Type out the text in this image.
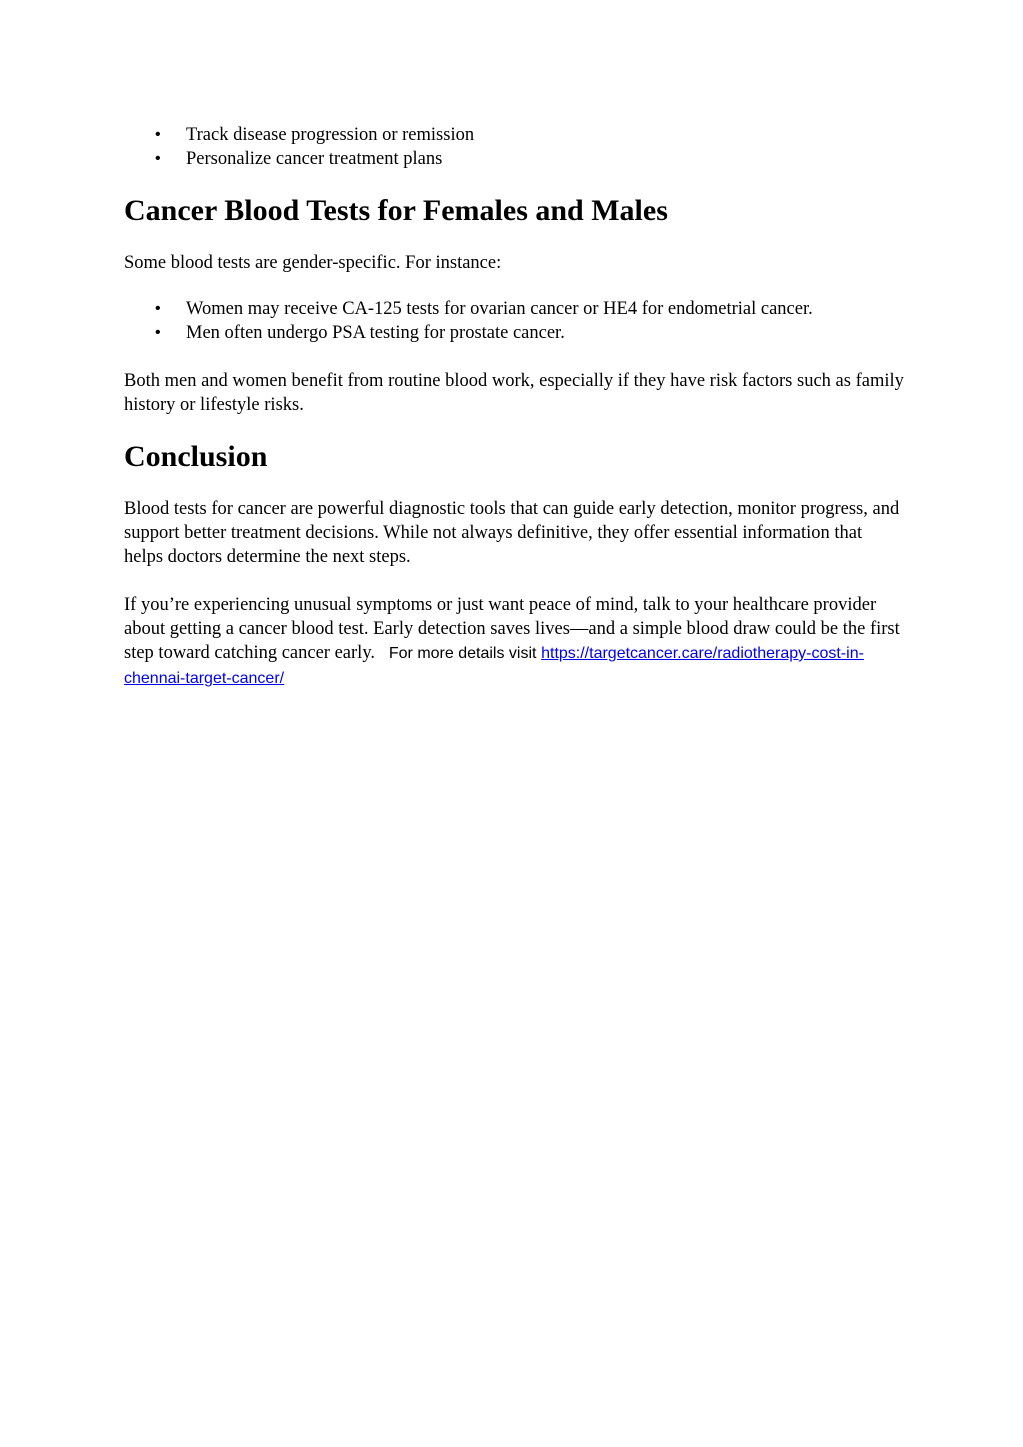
• Track disease progression or remission
• Personalize cancer treatment plans
Cancer Blood Tests for Females and Males

Some blood tests are gender-specific. For instance:

• Women may receive CA-125 tests for ovarian cancer or HE4 for endometrial cancer.
• Men often undergo PSA testing for prostate cancer.

Both men and women benefit from routine blood work, especially if they have risk factors such as family history or lifestyle risks.

Conclusion

Blood tests for cancer are powerful diagnostic tools that can guide early detection, monitor progress, and support better treatment decisions. While not always definitive, they offer essential information that helps doctors determine the next steps.

If you’re experiencing unusual symptoms or just want peace of mind, talk to your healthcare provider about getting a cancer blood test. Early detection saves lives—and a simple blood draw could be the first step toward catching cancer early. For more details visit https://targetcancer.care/radiotherapy-cost-in-chennai-target-cancer/
